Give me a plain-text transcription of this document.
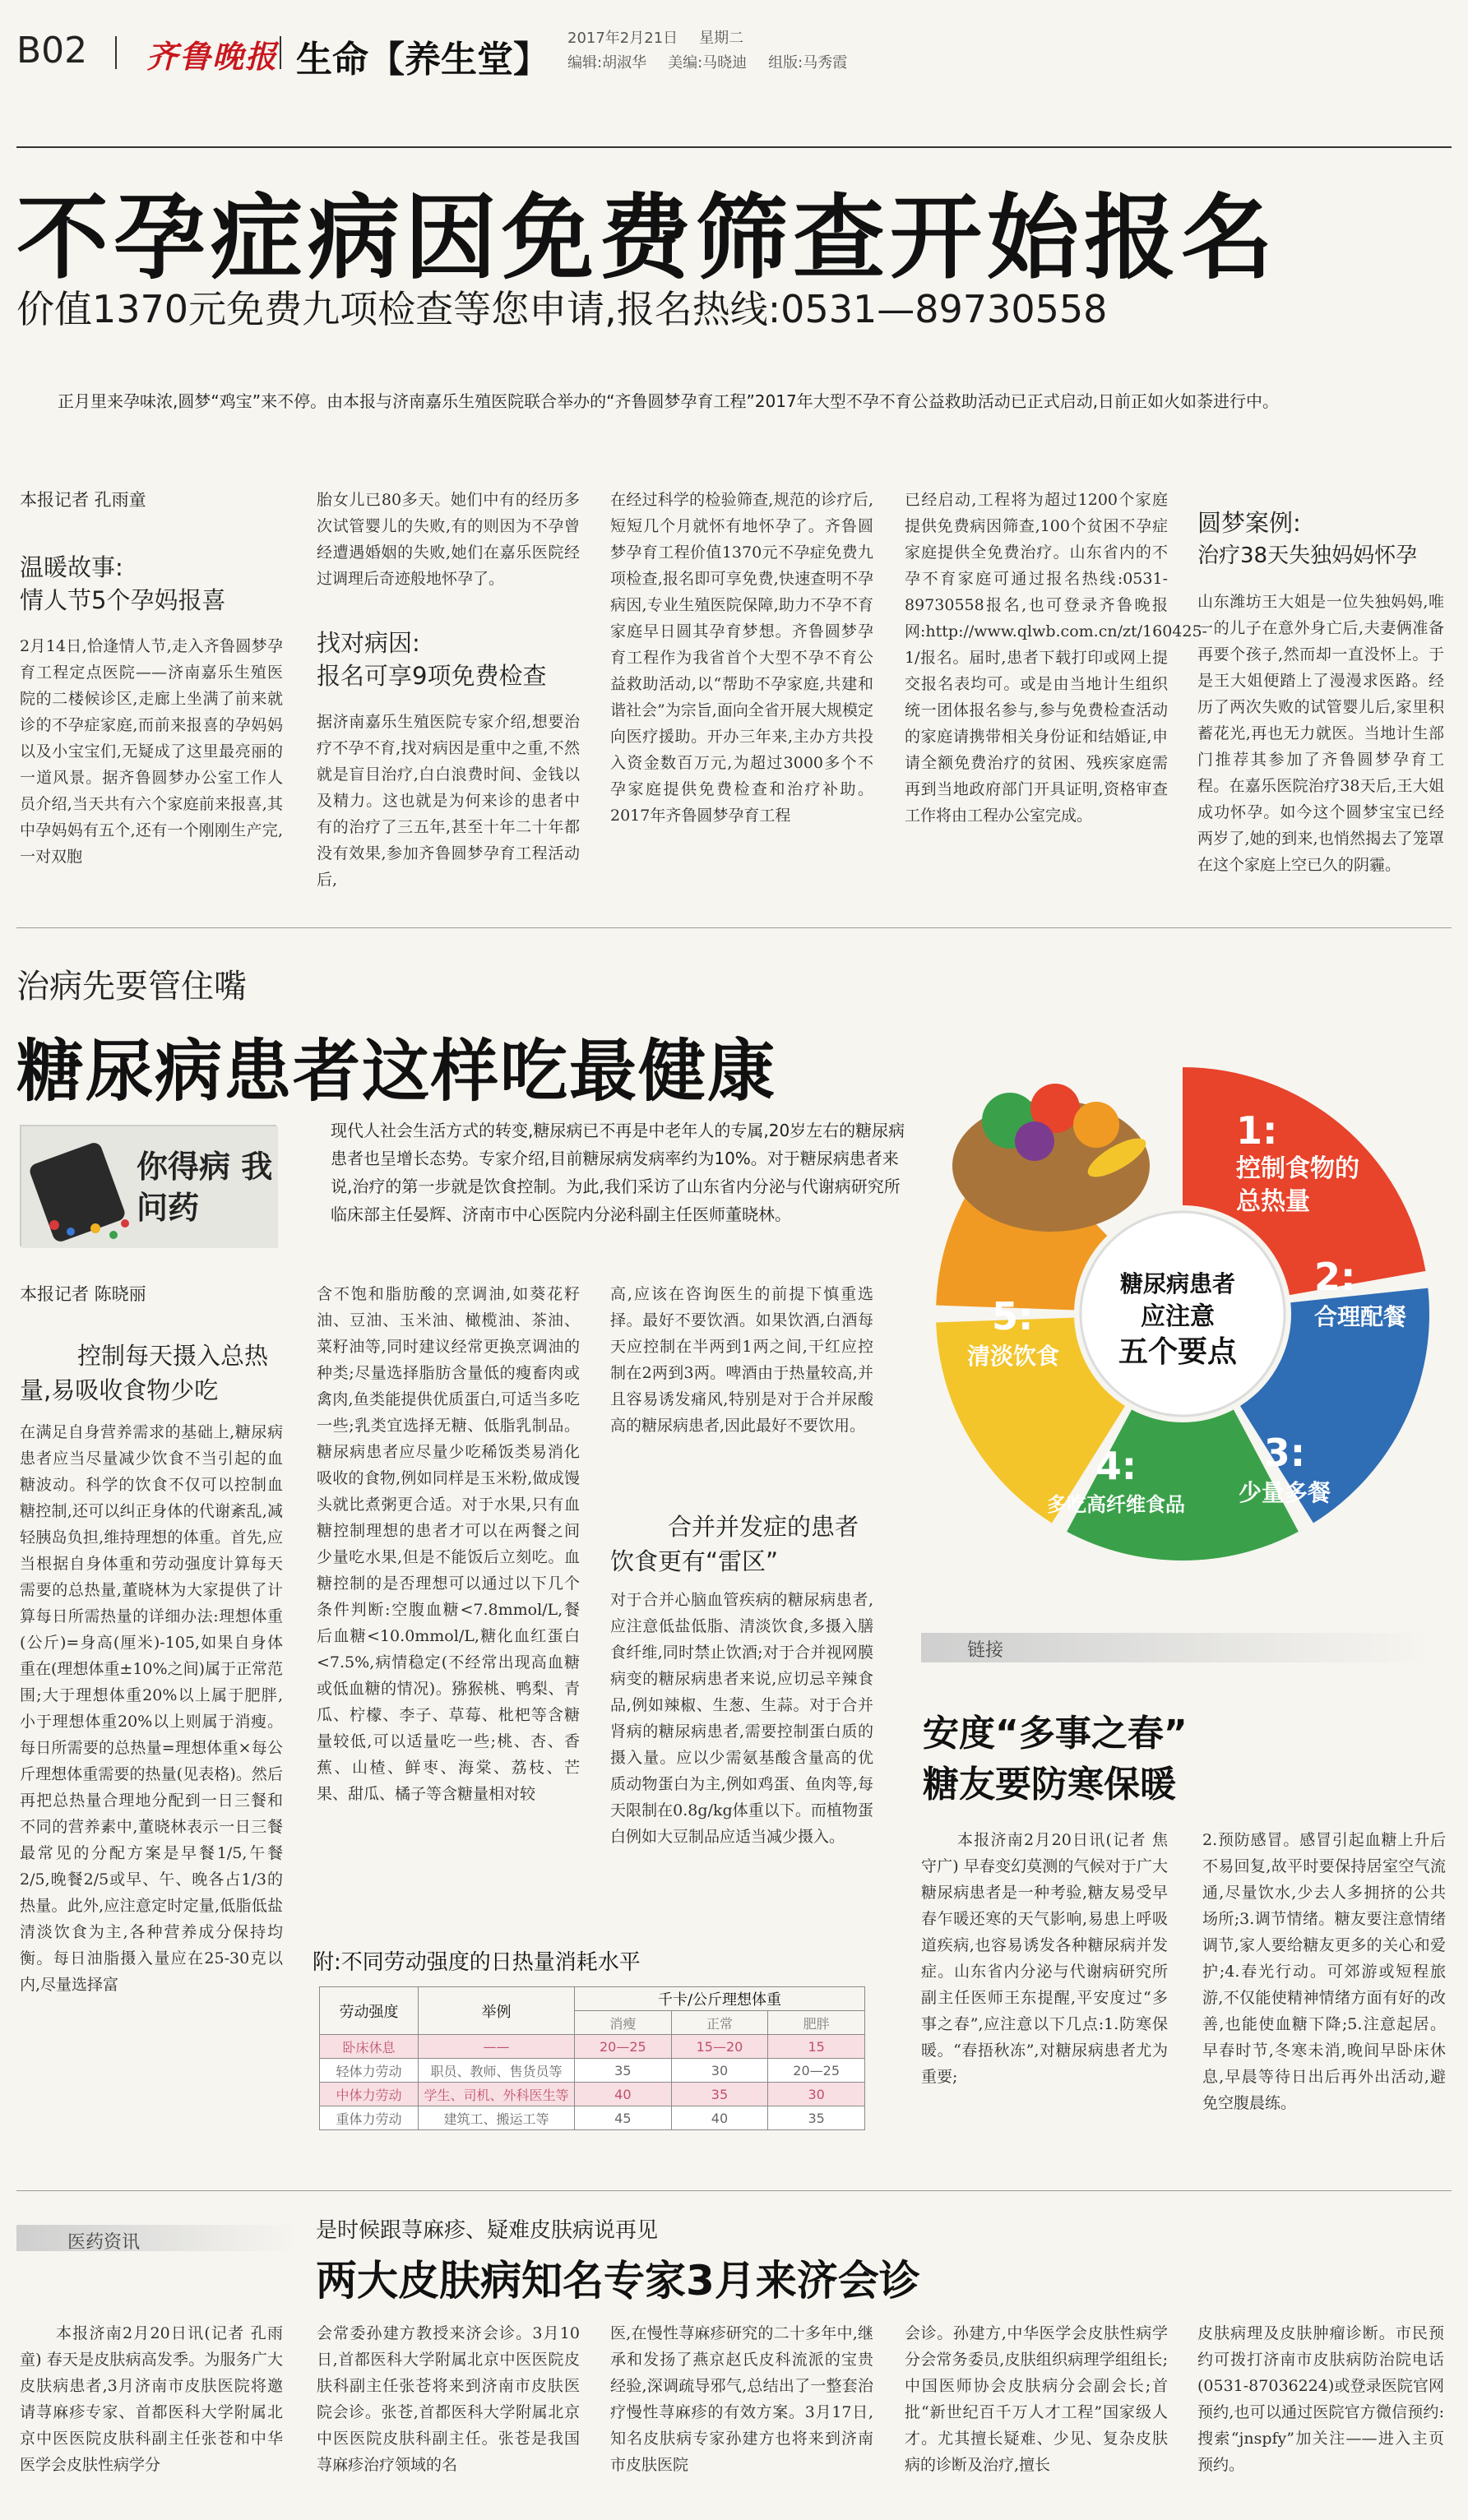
B02 齐鲁晚报 生命【养生堂】
2017年2月21日 星期二
编辑:胡淑华 美编:马晓迪 组版:马秀霞
不孕症病因免费筛查开始报名
价值1370元免费九项检查等您申请,报名热线:0531—89730558
正月里来孕味浓,圆梦“鸡宝”来不停。由本报与济南嘉乐生殖医院联合举办的“齐鲁圆梦孕育工程”2017年大型不孕不育公益救助活动已正式启动,日前正如火如荼进行中。
本报记者 孔雨童
温暖故事:
情人节5个孕妈报喜
2月14日,恰逢情人节,走入齐鲁圆梦孕育工程定点医院——济南嘉乐生殖医院的二楼候诊区,走廊上坐满了前来就诊的不孕症家庭,而前来报喜的孕妈妈以及小宝宝们,无疑成了这里最亮丽的一道风景。据齐鲁圆梦办公室工作人员介绍,当天共有六个家庭前来报喜,其中孕妈妈有五个,还有一个刚刚生产完,一对双胞
胎女儿已80多天。她们中有的经历多次试管婴儿的失败,有的则因为不孕曾经遭遇婚姻的失败,她们在嘉乐医院经过调理后奇迹般地怀孕了。
找对病因:
报名可享9项免费检查
据济南嘉乐生殖医院专家介绍,想要治疗不孕不育,找对病因是重中之重,不然就是盲目治疗,白白浪费时间、金钱以及精力。这也就是为何来诊的患者中有的治疗了三五年,甚至十年二十年都没有效果,参加齐鲁圆梦孕育工程活动后,
在经过科学的检验筛查,规范的诊疗后,短短几个月就怀有地怀孕了。齐鲁圆梦孕育工程价值1370元不孕症免费九项检查,报名即可享免费,快速查明不孕病因,专业生殖医院保障,助力不孕不育家庭早日圆其孕育梦想。齐鲁圆梦孕育工程作为我省首个大型不孕不育公益救助活动,以“帮助不孕家庭,共建和谐社会”为宗旨,面向全省开展大规模定向医疗援助。开办三年来,主办方共投入资金数百万元,为超过3000多个不孕家庭提供免费检查和治疗补助。2017年齐鲁圆梦孕育工程
已经启动,工程将为超过1200个家庭提供免费病因筛查,100个贫困不孕症家庭提供全免费治疗。山东省内的不孕不育家庭可通过报名热线:0531-89730558报名,也可登录齐鲁晚报网:http://www.qlwb.com.cn/zt/160425-1/报名。届时,患者下载打印或网上提交报名表均可。或是由当地计生组织统一团体报名参与,参与免费检查活动的家庭请携带相关身份证和结婚证,申请全额免费治疗的贫困、残疾家庭需再到当地政府部门开具证明,资格审查工作将由工程办公室完成。
圆梦案例:
治疗38天失独妈妈怀孕
山东潍坊王大姐是一位失独妈妈,唯一的儿子在意外身亡后,夫妻俩准备再要个孩子,然而却一直没怀上。于是王大姐便踏上了漫漫求医路。经历了两次失败的试管婴儿后,家里积蓄花光,再也无力就医。当地计生部门推荐其参加了齐鲁圆梦孕育工程。在嘉乐医院治疗38天后,王大姐成功怀孕。如今这个圆梦宝宝已经两岁了,她的到来,也悄然揭去了笼罩在这个家庭上空已久的阴霾。
治病先要管住嘴
糖尿病患者这样吃最健康
你得病 我问药
现代人社会生活方式的转变,糖尿病已不再是中老年人的专属,20岁左右的糖尿病患者也呈增长态势。专家介绍,目前糖尿病发病率约为10%。对于糖尿病患者来说,治疗的第一步就是饮食控制。为此,我们采访了山东省内分泌与代谢病研究所临床部主任晏辉、济南市中心医院内分泌科副主任医师董晓林。
本报记者 陈晓丽
控制每天摄入总热量,易吸收食物少吃
在满足自身营养需求的基础上,糖尿病患者应当尽量减少饮食不当引起的血糖波动。科学的饮食不仅可以控制血糖控制,还可以纠正身体的代谢紊乱,减轻胰岛负担,维持理想的体重。首先,应当根据自身体重和劳动强度计算每天需要的总热量,董晓林为大家提供了计算每日所需热量的详细办法:理想体重(公斤)=身高(厘米)-105,如果自身体重在(理想体重±10%之间)属于正常范围;大于理想体重20%以上属于肥胖,小于理想体重20%以上则属于消瘦。每日所需要的总热量=理想体重×每公斤理想体重需要的热量(见表格)。然后再把总热量合理地分配到一日三餐和不同的营养素中,董晓林表示一日三餐最常见的分配方案是早餐1/5,午餐2/5,晚餐2/5或早、午、晚各占1/3的热量。此外,应注意定时定量,低脂低盐清淡饮食为主,各种营养成分保持均衡。每日油脂摄入量应在25-30克以内,尽量选择富
含不饱和脂肪酸的烹调油,如葵花籽油、豆油、玉米油、橄榄油、茶油、菜籽油等,同时建议经常更换烹调油的种类;尽量选择脂肪含量低的瘦畜肉或禽肉,鱼类能提供优质蛋白,可适当多吃一些;乳类宜选择无糖、低脂乳制品。糖尿病患者应尽量少吃稀饭类易消化吸收的食物,例如同样是玉米粉,做成馒头就比煮粥更合适。对于水果,只有血糖控制理想的患者才可以在两餐之间少量吃水果,但是不能饭后立刻吃。血糖控制的是否理想可以通过以下几个条件判断:空腹血糖<7.8mmol/L,餐后血糖<10.0mmol/L,糖化血红蛋白<7.5%,病情稳定(不经常出现高血糖或低血糖的情况)。猕猴桃、鸭梨、青瓜、柠檬、李子、草莓、枇杷等含糖量较低,可以适量吃一些;桃、杏、香蕉、山楂、鲜枣、海棠、荔枝、芒果、甜瓜、橘子等含糖量相对较
高,应该在咨询医生的前提下慎重选择。最好不要饮酒。如果饮酒,白酒每天应控制在半两到1两之间,干红应控制在2两到3两。啤酒由于热量较高,并且容易诱发痛风,特别是对于合并尿酸高的糖尿病患者,因此最好不要饮用。
合并并发症的患者饮食更有“雷区”
对于合并心脑血管疾病的糖尿病患者,应注意低盐低脂、清淡饮食,多摄入膳食纤维,同时禁止饮酒;对于合并视网膜病变的糖尿病患者来说,应切忌辛辣食品,例如辣椒、生葱、生蒜。对于合并肾病的糖尿病患者,需要控制蛋白质的摄入量。应以少需氨基酸含量高的优质动物蛋白为主,例如鸡蛋、鱼肉等,每天限制在0.8g/kg体重以下。而植物蛋白例如大豆制品应适当减少摄入。
糖尿病患者
应注意
五个要点
1:
控制食物的
总热量
2:
合理配餐
3:
少量多餐
4:
多吃高纤维食品
5:
清淡饮食
附:不同劳动强度的日热量消耗水平
劳动强度	举例	千卡/公斤理想体重		
		消瘦	正常	肥胖
卧床休息	——	20—25	15—20	15
轻体力劳动	职员、教师、售货员等	35	30	20—25
中体力劳动	学生、司机、外科医生等	40	35	30
重体力劳动	建筑工、搬运工等	45	40	35
链接
安度“多事之春”
糖友要防寒保暖
本报济南2月20日讯(记者 焦守广) 早春变幻莫测的气候对于广大糖尿病患者是一种考验,糖友易受早春乍暖还寒的天气影响,易患上呼吸道疾病,也容易诱发各种糖尿病并发症。山东省内分泌与代谢病研究所副主任医师王东提醒,平安度过“多事之春”,应注意以下几点:1.防寒保暖。“春捂秋冻”,对糖尿病患者尤为重要;
2.预防感冒。感冒引起血糖上升后不易回复,故平时要保持居室空气流通,尽量饮水,少去人多拥挤的公共场所;3.调节情绪。糖友要注意情绪调节,家人要给糖友更多的关心和爱护;4.春光行动。可郊游或短程旅游,不仅能使精神情绪方面有好的改善,也能使血糖下降;5.注意起居。早春时节,冬寒未消,晚间早卧床休息,早晨等待日出后再外出活动,避免空腹晨练。
医药资讯	是时候跟荨麻疹、疑难皮肤病说再见
两大皮肤病知名专家3月来济会诊
本报济南2月20日讯(记者 孔雨童) 春天是皮肤病高发季。为服务广大皮肤病患者,3月济南市皮肤医院将邀请荨麻疹专家、首都医科大学附属北京中医医院皮肤科副主任张苍和中华医学会皮肤性病学分
会常委孙建方教授来济会诊。3月10日,首都医科大学附属北京中医医院皮肤科副主任张苍将来到济南市皮肤医院会诊。张苍,首都医科大学附属北京中医医院皮肤科副主任。张苍是我国荨麻疹治疗领域的名
医,在慢性荨麻疹研究的二十多年中,继承和发扬了燕京赵氏皮科流派的宝贵经验,深调疏导邪气,总结出了一整套治疗慢性荨麻疹的有效方案。3月17日,知名皮肤病专家孙建方也将来到济南市皮肤医院
会诊。孙建方,中华医学会皮肤性病学分会常务委员,皮肤组织病理学组组长;中国医师协会皮肤病分会副会长;首批“新世纪百千万人才工程”国家级人才。尤其擅长疑难、少见、复杂皮肤病的诊断及治疗,擅长
皮肤病理及皮肤肿瘤诊断。市民预约可拨打济南市皮肤病防治院电话(0531-87036224)或登录医院官网预约,也可以通过医院官方微信预约:搜索“jnspfy”加关注——进入主页预约。
